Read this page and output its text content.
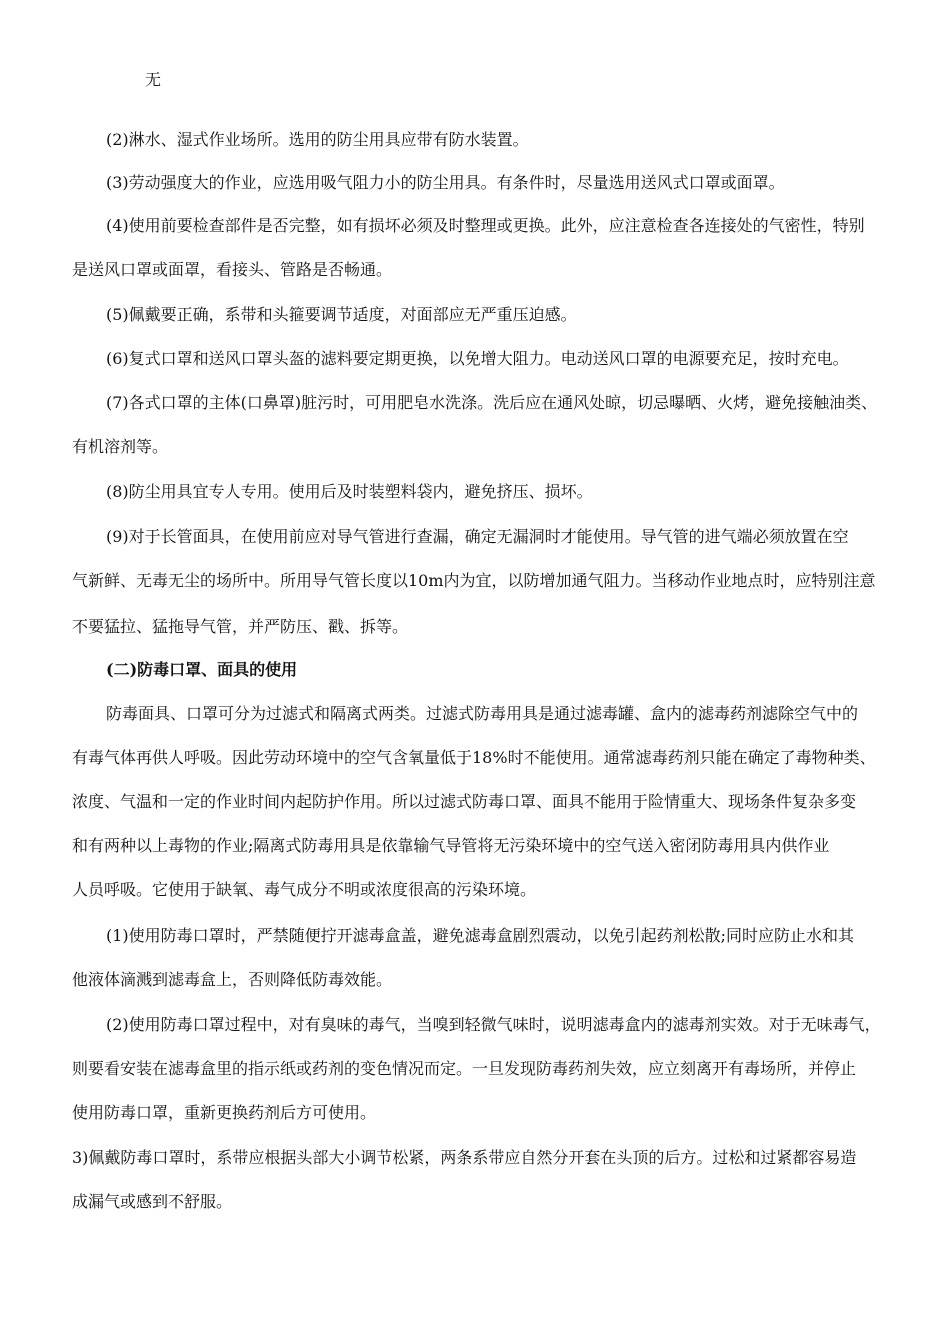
无
(2)淋水、湿式作业场所。选用的防尘用具应带有防水装置。
(3)劳动强度大的作业，应选用吸气阻力小的防尘用具。有条件时，尽量选用送风式口罩或面罩。
(4)使用前要检查部件是否完整，如有损坏必须及时整理或更换。此外，应注意检查各连接处的气密性，特别
是送风口罩或面罩，看接头、管路是否畅通。
(5)佩戴要正确，系带和头箍要调节适度，对面部应无严重压迫感。
(6)复式口罩和送风口罩头盔的滤料要定期更换，以免增大阻力。电动送风口罩的电源要充足，按时充电。
(7)各式口罩的主体(口鼻罩)脏污时，可用肥皂水洗涤。洗后应在通风处晾，切忌曝晒、火烤，避免接触油类、
有机溶剂等。
(8)防尘用具宜专人专用。使用后及时装塑料袋内，避免挤压、损坏。
(9)对于长管面具，在使用前应对导气管进行查漏，确定无漏洞时才能使用。导气管的进气端必须放置在空
气新鲜、无毒无尘的场所中。所用导气管长度以10m内为宜，以防增加通气阻力。当移动作业地点时，应特别注意
不要猛拉、猛拖导气管，并严防压、戳、拆等。
(二)防毒口罩、面具的使用
防毒面具、口罩可分为过滤式和隔离式两类。过滤式防毒用具是通过滤毒罐、盒内的滤毒药剂滤除空气中的
有毒气体再供人呼吸。因此劳动环境中的空气含氧量低于18%时不能使用。通常滤毒药剂只能在确定了毒物种类、
浓度、气温和一定的作业时间内起防护作用。所以过滤式防毒口罩、面具不能用于险情重大、现场条件复杂多变
和有两种以上毒物的作业;隔离式防毒用具是依靠输气导管将无污染环境中的空气送入密闭防毒用具内供作业
人员呼吸。它使用于缺氧、毒气成分不明或浓度很高的污染环境。
(1)使用防毒口罩时，严禁随便拧开滤毒盒盖，避免滤毒盒剧烈震动，以免引起药剂松散;同时应防止水和其
他液体滴溅到滤毒盒上，否则降低防毒效能。
(2)使用防毒口罩过程中，对有臭味的毒气，当嗅到轻微气味时，说明滤毒盒内的滤毒剂实效。对于无味毒气，
则要看安装在滤毒盒里的指示纸或药剂的变色情况而定。一旦发现防毒药剂失效，应立刻离开有毒场所，并停止
使用防毒口罩，重新更换药剂后方可使用。
3)佩戴防毒口罩时，系带应根据头部大小调节松紧，两条系带应自然分开套在头顶的后方。过松和过紧都容易造
成漏气或感到不舒服。
